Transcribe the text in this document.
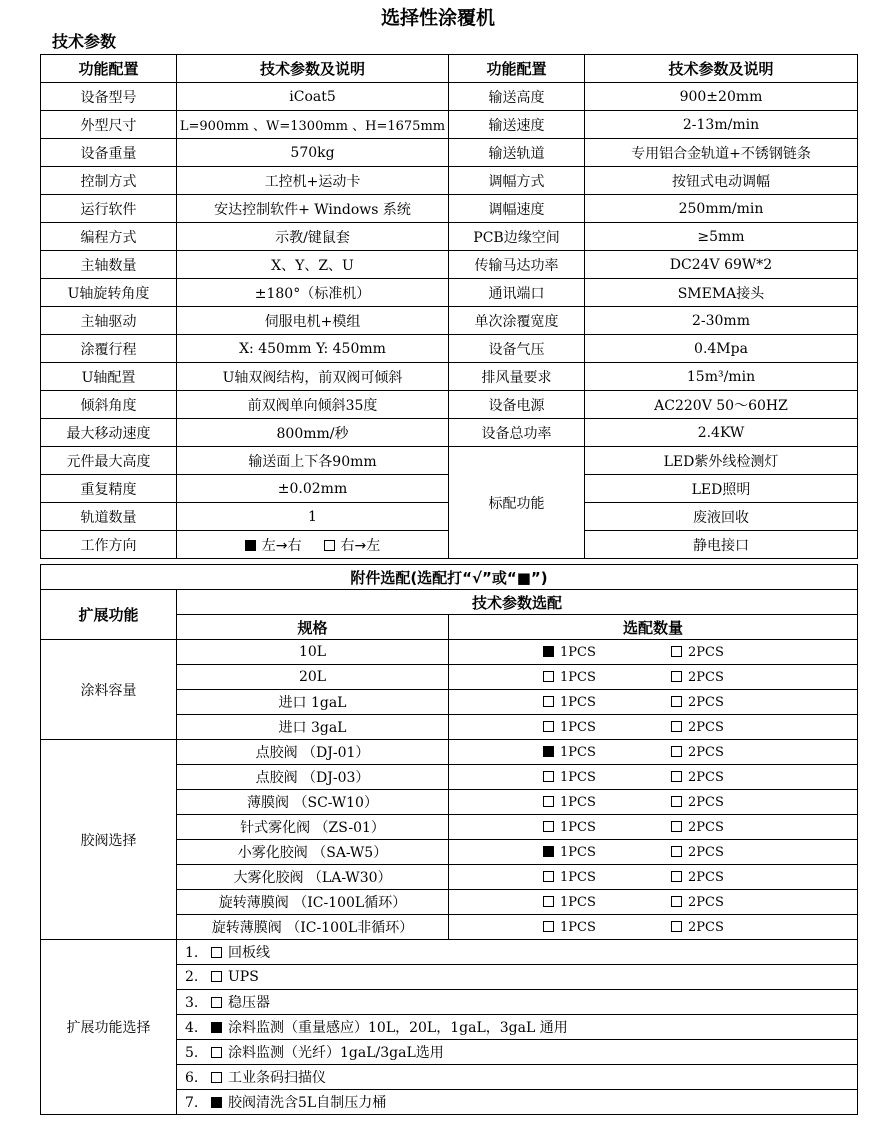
选择性涂覆机
技术参数
功能配置	技术参数及说明	功能配置	技术参数及说明
设备型号	iCoat5	输送高度	900±20mm
外型尺寸	L=900mm 、W=1300mm 、H=1675mm	输送速度	2-13m/min
设备重量	570kg	输送轨道	专用铝合金轨道+不锈钢链条
控制方式	工控机+运动卡	调幅方式	按钮式电动调幅
运行软件	安达控制软件+ Windows 系统	调幅速度	250mm/min
编程方式	示教/键鼠套	PCB边缘空间	≥5mm
主轴数量	X、Y、Z、U	传输马达功率	DC24V 69W*2
U轴旋转角度	±180°（标准机）	通讯端口	SMEMA接头
主轴驱动	伺服电机+模组	单次涂覆宽度	2-30mm
涂覆行程	X: 450mm Y: 450mm	设备气压	0.4Mpa
U轴配置	U轴双阀结构，前双阀可倾斜	排风量要求	15m³/min
倾斜角度	前双阀单向倾斜35度	设备电源	AC220V 50～60HZ
最大移动速度	800mm/秒	设备总功率	2.4KW
元件最大高度	输送面上下各90mm	标配功能	LED紫外线检测灯
重复精度	±0.02mm		LED照明
轨道数量	1		废液回收
工作方向	左→右 右→左		静电接口
附件选配(选配打“√”或“■”)		
扩展功能	技术参数选配	
	规格	选配数量
涂料容量	10L	1PCS 2PCS
	20L	1PCS 2PCS
	进口 1gaL	1PCS 2PCS
	进口 3gaL	1PCS 2PCS
胶阀选择	点胶阀 （DJ-01）	1PCS 2PCS
	点胶阀 （DJ-03）	1PCS 2PCS
	薄膜阀 （SC-W10）	1PCS 2PCS
	针式雾化阀 （ZS-01）	1PCS 2PCS
	小雾化胶阀 （SA-W5）	1PCS 2PCS
	大雾化胶阀 （LA-W30）	1PCS 2PCS
	旋转薄膜阀 （IC-100L循环）	1PCS 2PCS
	旋转薄膜阀 （IC-100L非循环）	1PCS 2PCS
扩展功能选择	1. 回板线	
	2. UPS	
	3. 稳压器	
	4. 涂料监测（重量感应）10L，20L，1gaL，3gaL 通用	
	5. 涂料监测（光纤）1gaL/3gaL选用	
	6. 工业条码扫描仪	
	7. 胶阀清洗含5L自制压力桶	
